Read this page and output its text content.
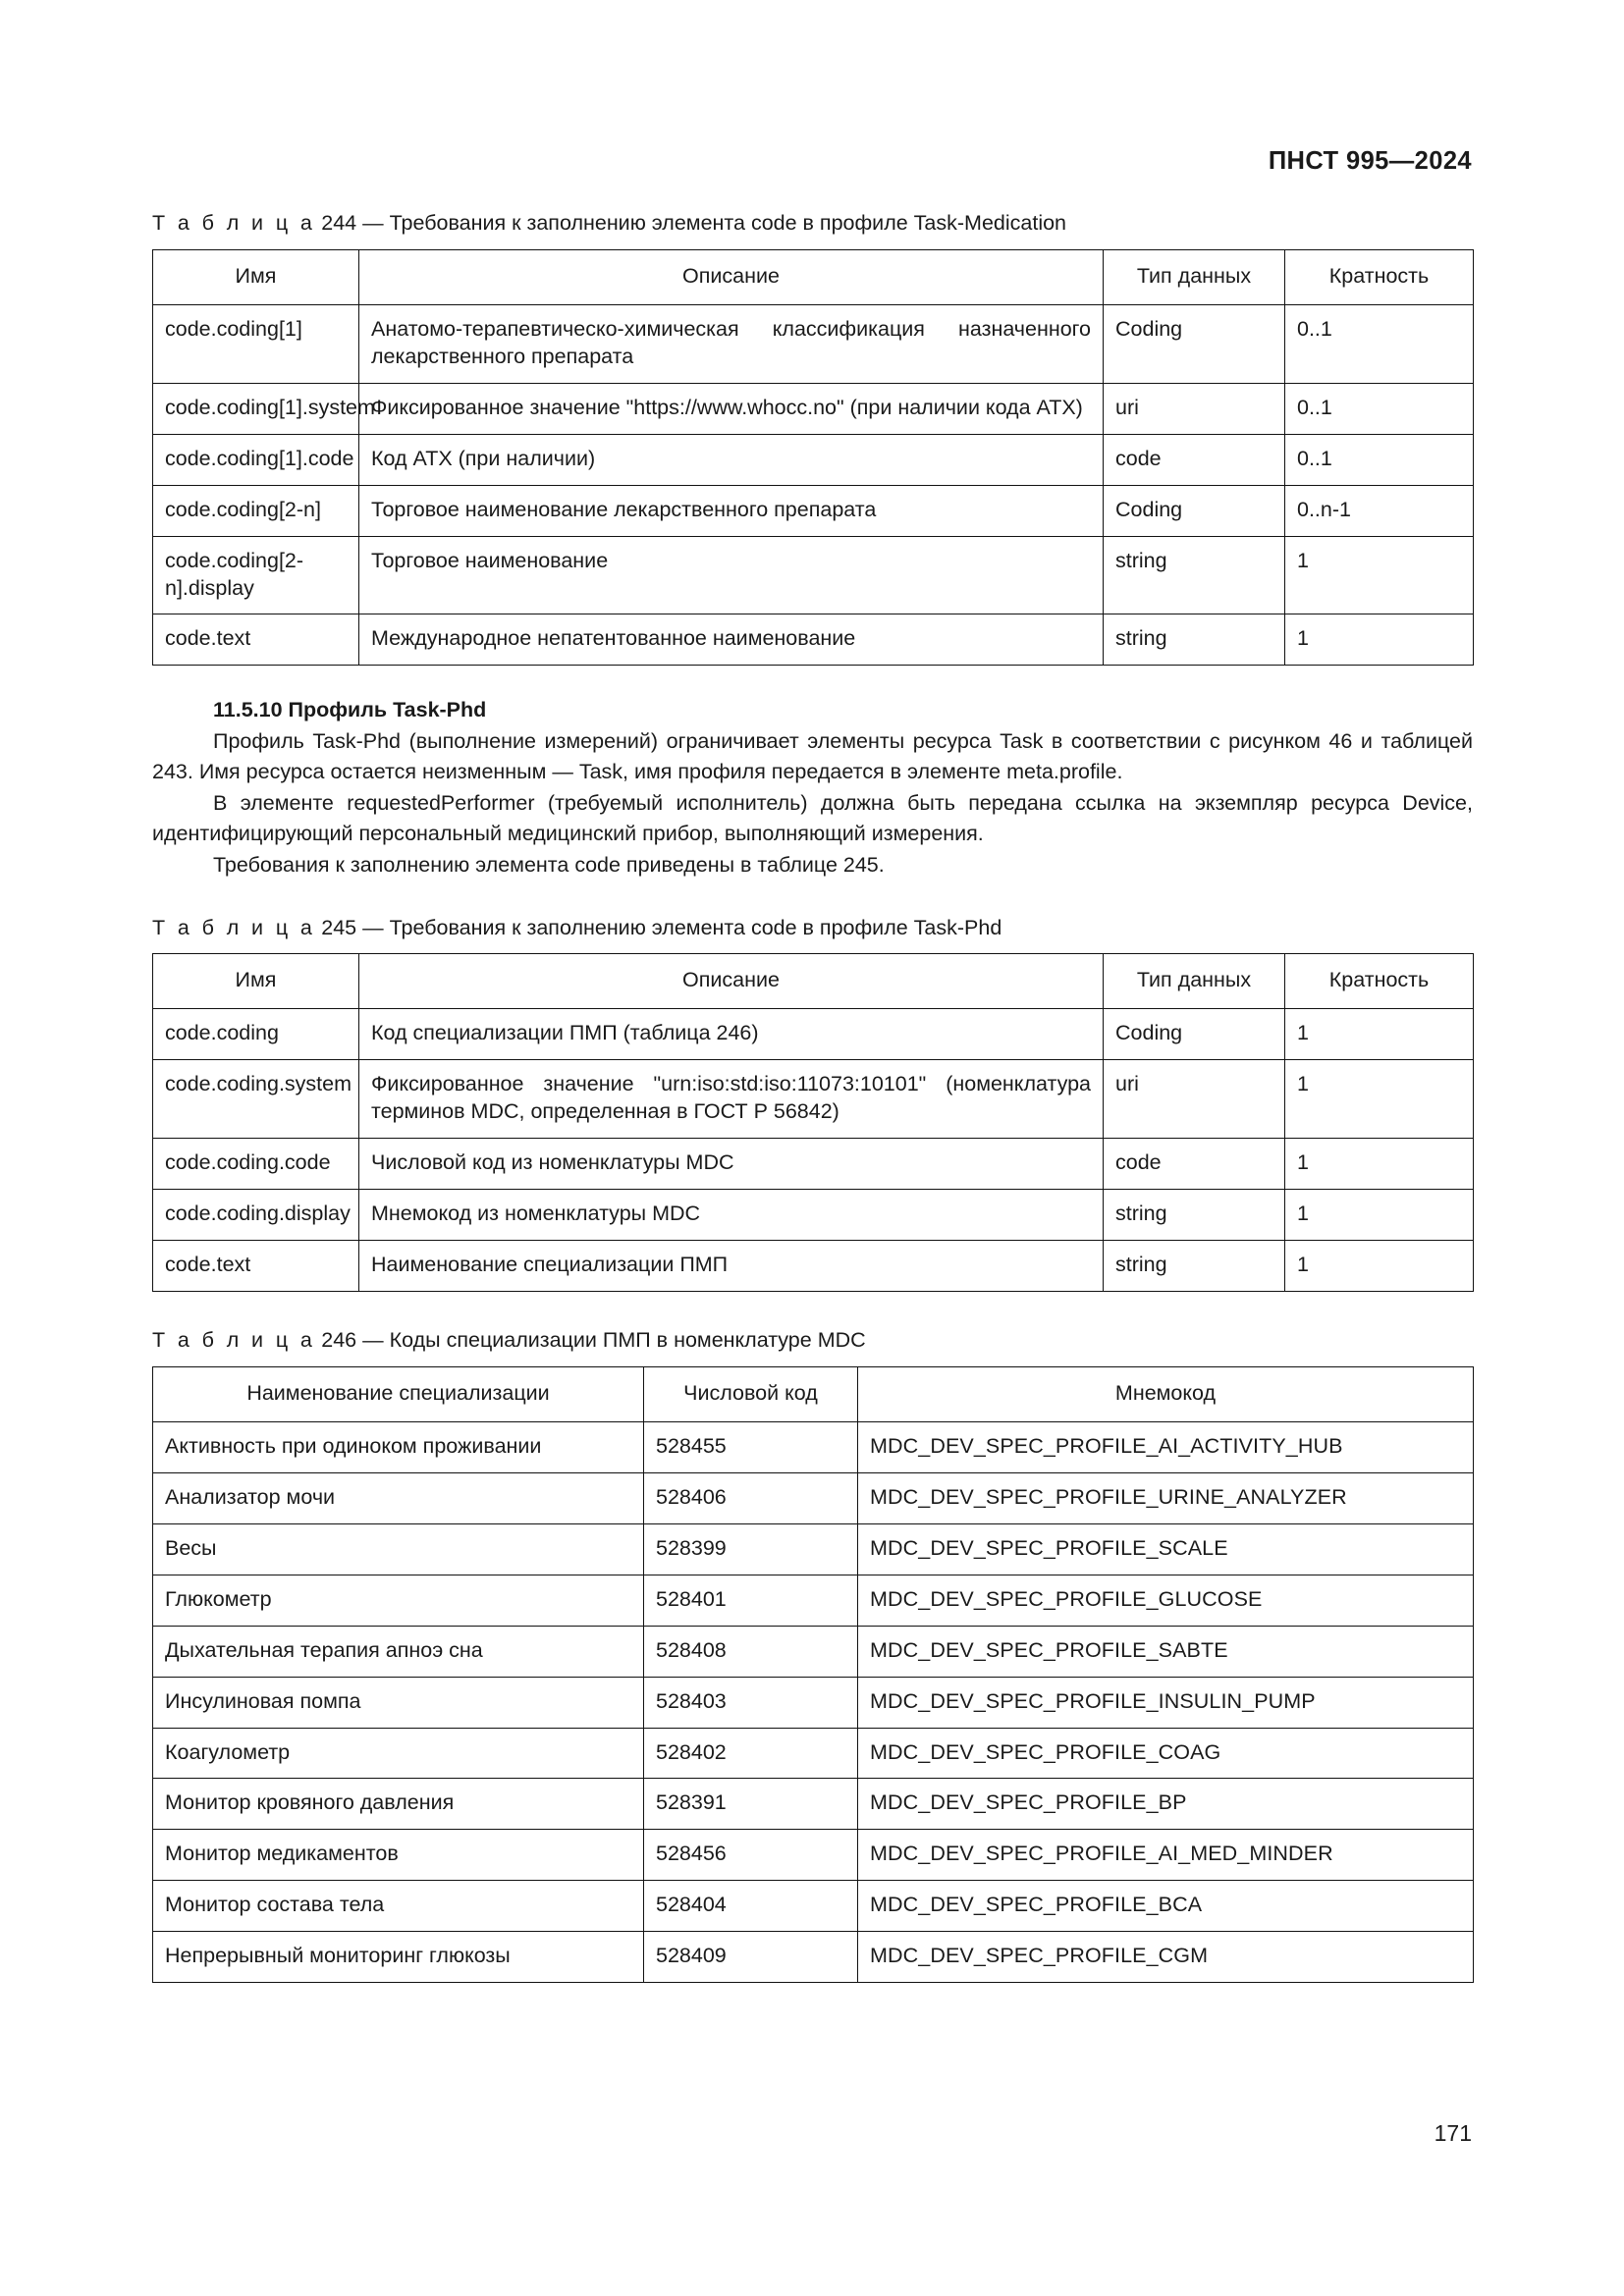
ПНСТ 995—2024
Т а б л и ц а 244 — Требования к заполнению элемента code в профиле Task-Medication
Имя	Описание	Тип данных	Кратность
code.coding[1]	Анатомо-терапевтическо-химическая классификация назначенного лекарственного препарата	Coding	0..1
code.coding[1].system	Фиксированное значение "https://www.whocc.no" (при наличии кода АТХ)	uri	0..1
code.coding[1].code	Код АТХ (при наличии)	code	0..1
code.coding[2-n]	Торговое наименование лекарственного препарата	Coding	0..n-1
code.coding[2-n].display	Торговое наименование	string	1
code.text	Международное непатентованное наименование	string	1
11.5.10 Профиль Task-Phd

Профиль Task-Phd (выполнение измерений) ограничивает элементы ресурса Task в соответствии с рисунком 46 и таблицей 243. Имя ресурса остается неизменным — Task, имя профиля передается в элементе meta.profile.

В элементе requestedPerformer (требуемый исполнитель) должна быть передана ссылка на экземпляр ресурса Device, идентифицирующий персональный медицинский прибор, выполняющий измерения.

Требования к заполнению элемента code приведены в таблице 245.

Т а б л и ц а 245 — Требования к заполнению элемента code в профиле Task-Phd
Имя	Описание	Тип данных	Кратность
code.coding	Код специализации ПМП (таблица 246)	Coding	1
code.coding.system	Фиксированное значение "urn:iso:std:iso:11073:10101" (номенклатура терминов MDC, определенная в ГОСТ Р 56842)	uri	1
code.coding.code	Числовой код из номенклатуры MDC	code	1
code.coding.display	Мнемокод из номенклатуры MDC	string	1
code.text	Наименование специализации ПМП	string	1
Т а б л и ц а 246 — Коды специализации ПМП в номенклатуре MDC
Наименование специализации	Числовой код	Мнемокод
Активность при одиноком проживании	528455	MDC_DEV_SPEC_PROFILE_AI_ACTIVITY_HUB
Анализатор мочи	528406	MDC_DEV_SPEC_PROFILE_URINE_ANALYZER
Весы	528399	MDC_DEV_SPEC_PROFILE_SCALE
Глюкометр	528401	MDC_DEV_SPEC_PROFILE_GLUCOSE
Дыхательная терапия апноэ сна	528408	MDC_DEV_SPEC_PROFILE_SABTE
Инсулиновая помпа	528403	MDC_DEV_SPEC_PROFILE_INSULIN_PUMP
Коагулометр	528402	MDC_DEV_SPEC_PROFILE_COAG
Монитор кровяного давления	528391	MDC_DEV_SPEC_PROFILE_BP
Монитор медикаментов	528456	MDC_DEV_SPEC_PROFILE_AI_MED_MINDER
Монитор состава тела	528404	MDC_DEV_SPEC_PROFILE_BCA
Непрерывный мониторинг глюкозы	528409	MDC_DEV_SPEC_PROFILE_CGM
171
